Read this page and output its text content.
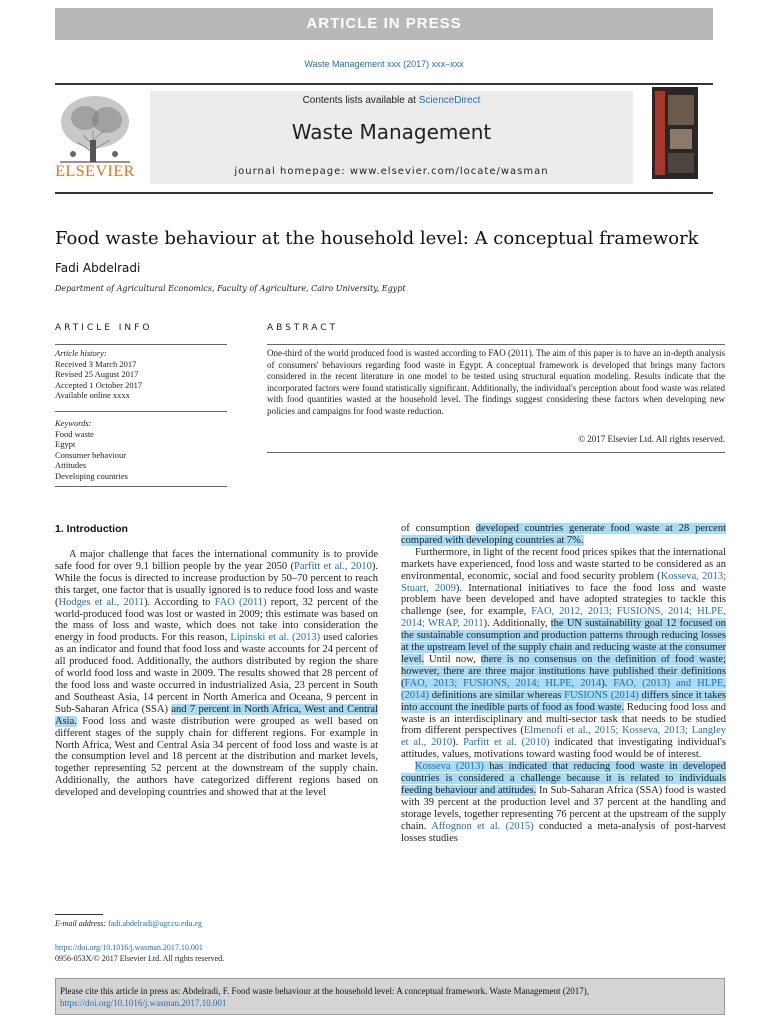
ARTICLE IN PRESS
Waste Management xxx (2017) xxx–xxx
ELSEVIER
Contents lists available at ScienceDirect
Waste Management
journal homepage: www.elsevier.com/locate/wasman
Food waste behaviour at the household level: A conceptual framework
Fadi Abdelradi
Department of Agricultural Economics, Faculty of Agriculture, Cairo University, Egypt
ARTICLE INFO	ABSTRACT
Article history:
Received 3 March 2017
Revised 25 August 2017
Accepted 1 October 2017
Available online xxxx
Keywords:
Food waste
Egypt
Consumer behaviour
Attitudes
Developing countries
One-third of the world produced food is wasted according to FAO (2011). The aim of this paper is to have an in-depth analysis of consumers' behaviours regarding food waste in Egypt. A conceptual framework is developed that brings many factors considered in the recent literature in one model to be tested using structural equation modeling. Results indicate that the incorporated factors were found statistically significant. Additionally, the individual's perception about food waste was related with food quantities wasted at the household level. The findings suggest considering these factors when developing new policies and campaigns for food waste reduction.
© 2017 Elsevier Ltd. All rights reserved.
1. Introduction

A major challenge that faces the international community is to provide safe food for over 9.1 billion people by the year 2050 (Parfitt et al., 2010). While the focus is directed to increase production by 50–70 percent to reach this target, one factor that is usually ignored is to reduce food loss and waste (Hodges et al., 2011). According to FAO (2011) report, 32 percent of the world-produced food was lost or wasted in 2009; this estimate was based on the mass of loss and waste, which does not take into consideration the energy in food products. For this reason, Lipinski et al. (2013) used calories as an indicator and found that food loss and waste accounts for 24 percent of all produced food. Additionally, the authors distributed by region the share of world food loss and waste in 2009. The results showed that 28 percent of the food loss and waste occurred in industrialized Asia, 23 percent in South and Southeast Asia, 14 percent in North America and Oceana, 9 percent in Sub-Saharan Africa (SSA) and 7 percent in North Africa, West and Central Asia. Food loss and waste distribution were grouped as well based on different stages of the supply chain for different regions. For example in North Africa, West and Central Asia 34 percent of food loss and waste is at the consumption level and 18 percent at the distribution and market levels, together representing 52 percent at the downstream of the supply chain. Additionally, the authors have categorized different regions based on developed and developing countries and showed that at the level

of consumption developed countries generate food waste at 28 percent compared with developing countries at 7%.

Furthermore, in light of the recent food prices spikes that the international markets have experienced, food loss and waste started to be considered as an environmental, economic, social and food security problem (Kosseva, 2013; Stuart, 2009). International initiatives to face the food loss and waste problem have been developed and have adopted strategies to tackle this challenge (see, for example, FAO, 2012, 2013; FUSIONS, 2014; HLPE, 2014; WRAP, 2011). Additionally, the UN sustainability goal 12 focused on the sustainable consumption and production patterns through reducing losses at the upstream level of the supply chain and reducing waste at the consumer level. Until now, there is no consensus on the definition of food waste; however, there are three major institutions have published their definitions (FAO, 2013; FUSIONS, 2014; HLPE, 2014). FAO, (2013) and HLPE, (2014) definitions are similar whereas FUSIONS (2014) differs since it takes into account the inedible parts of food as food waste. Reducing food loss and waste is an interdisciplinary and multi-sector task that needs to be studied from different perspectives (Elmenofi et al., 2015; Kosseva, 2013; Langley et al., 2010). Parfitt et al. (2010) indicated that investigating individual's attitudes, values, motivations toward wasting food would be of interest.

Kosseva (2013) has indicated that reducing food waste in developed countries is considered a challenge because it is related to individuals feeding behaviour and attitudes. In Sub-Saharan Africa (SSA) food is wasted with 39 percent at the production level and 37 percent at the handling and storage levels, together representing 76 percent at the upstream of the supply chain. Affognon et al. (2015) conducted a meta-analysis of post-harvest losses studies

E-mail address: fadi.abdelradi@agr.cu.edu.eg
https://doi.org/10.1016/j.wasman.2017.10.001
0956-053X/© 2017 Elsevier Ltd. All rights reserved.
Please cite this article in press as: Abdelradi, F. Food waste behaviour at the household level: A conceptual framework. Waste Management (2017), https://doi.org/10.1016/j.wasman.2017.10.001
